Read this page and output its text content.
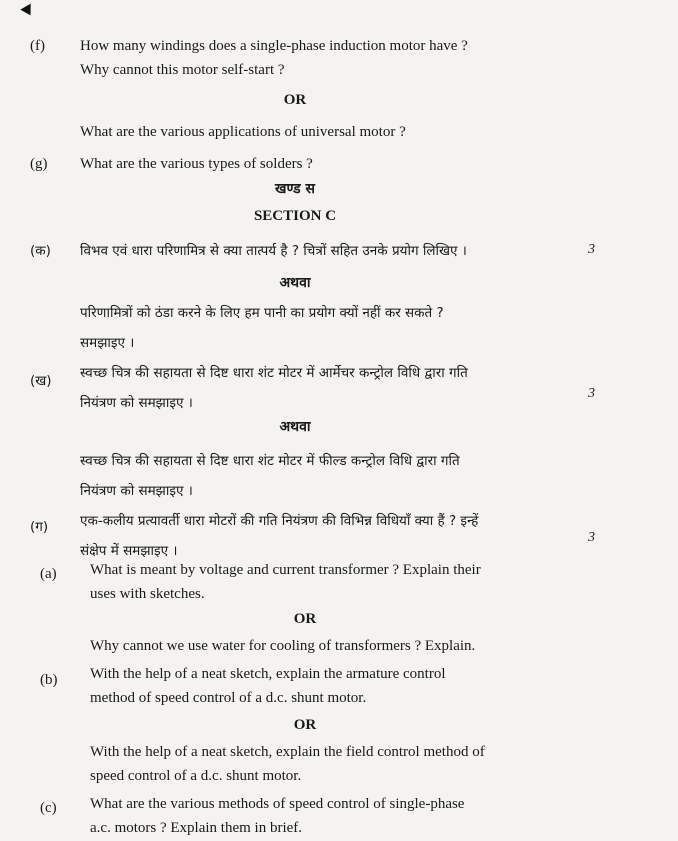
(f) How many windings does a single-phase induction motor have ?
Why cannot this motor self-start ?
OR
What are the various applications of universal motor ?
(g) What are the various types of solders ?
खण्ड स
SECTION C
(क) विभव एवं धारा परिणामित्र से क्या तात्पर्य है ? चित्रों सहित उनके प्रयोग लिखिए ।	3
अथवा
परिणामित्रों को ठंडा करने के लिए हम पानी का प्रयोग क्यों नहीं कर सकते ?
समझाइए ।
(ख) स्वच्छ चित्र की सहायता से दिष्ट धारा शंट मोटर में आर्मेचर कन्ट्रोल विधि द्वारा गति
नियंत्रण को समझाइए ।
3
अथवा
स्वच्छ चित्र की सहायता से दिष्ट धारा शंट मोटर में फील्ड कन्ट्रोल विधि द्वारा गति
नियंत्रण को समझाइए ।
(ग) एक-कलीय प्रत्यावर्ती धारा मोटरों की गति नियंत्रण की विभिन्न विधियाँ क्या हैं ? इन्हें
संक्षेप में समझाइए ।
3
(a) What is meant by voltage and current transformer ? Explain their
uses with sketches.
OR
Why cannot we use water for cooling of transformers ? Explain.
(b) With the help of a neat sketch, explain the armature control
method of speed control of a d.c. shunt motor.
OR
With the help of a neat sketch, explain the field control method of
speed control of a d.c. shunt motor.
(c) What are the various methods of speed control of single-phase
a.c. motors ? Explain them in brief.
